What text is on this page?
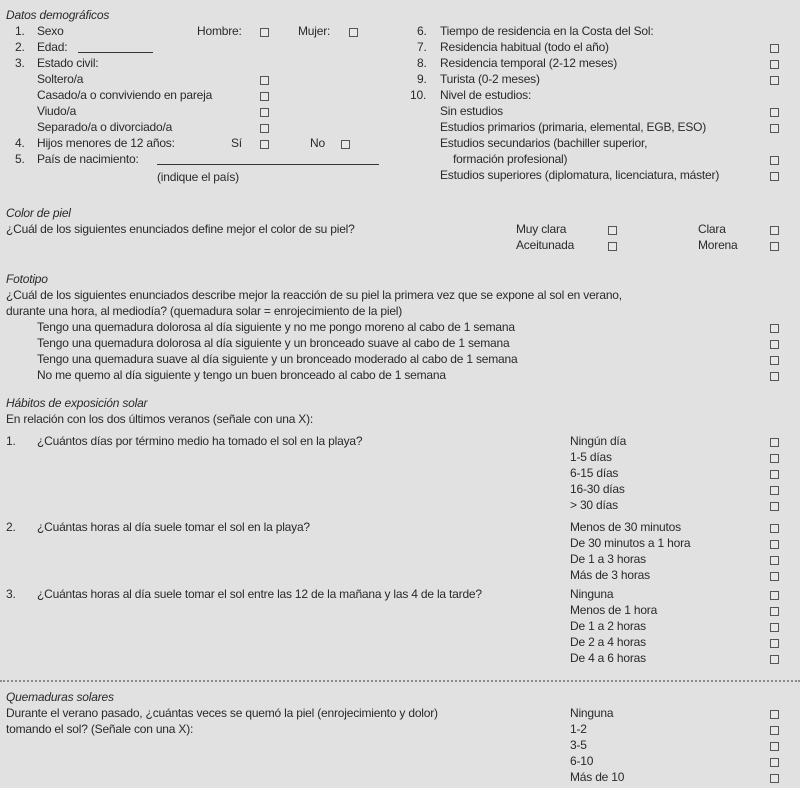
Datos demográficos
1. Sexo	Hombre:	Mujer:
2. Edad:
3. Estado civil:
Soltero/a
Casado/a o conviviendo en pareja
Viudo/a
Separado/a o divorciado/a
4. Hijos menores de 12 años:	Sí	No
5. País de nacimiento:
(indique el país)
6. Tiempo de residencia en la Costa del Sol:
7. Residencia habitual (todo el año)
8. Residencia temporal (2-12 meses)
9. Turista (0-2 meses)
10. Nivel de estudios:
Sin estudios
Estudios primarios (primaria, elemental, EGB, ESO)
Estudios secundarios (bachiller superior,
formación profesional)
Estudios superiores (diplomatura, licenciatura, máster)
Color de piel
¿Cuál de los siguientes enunciados define mejor el color de su piel?	Muy clara	Clara
Aceitunada	Morena
Fototipo
¿Cuál de los siguientes enunciados describe mejor la reacción de su piel la primera vez que se expone al sol en verano,
durante una hora, al mediodía? (quemadura solar = enrojecimiento de la piel)
Tengo una quemadura dolorosa al día siguiente y no me pongo moreno al cabo de 1 semana
Tengo una quemadura dolorosa al día siguiente y un bronceado suave al cabo de 1 semana
Tengo una quemadura suave al día siguiente y un bronceado moderado al cabo de 1 semana
No me quemo al día siguiente y tengo un buen bronceado al cabo de 1 semana
Hábitos de exposición solar
En relación con los dos últimos veranos (señale con una X):
1. ¿Cuántos días por término medio ha tomado el sol en la playa?	Ningún día
1-5 días
6-15 días
16-30 días
> 30 días
2. ¿Cuántas horas al día suele tomar el sol en la playa?	Menos de 30 minutos
De 30 minutos a 1 hora
De 1 a 3 horas
Más de 3 horas
3. ¿Cuántas horas al día suele tomar el sol entre las 12 de la mañana y las 4 de la tarde?	Ninguna
Menos de 1 hora
De 1 a 2 horas
De 2 a 4 horas
De 4 a 6 horas
Quemaduras solares
Durante el verano pasado, ¿cuántas veces se quemó la piel (enrojecimiento y dolor)
tomando el sol? (Señale con una X):
Ninguna
1-2
3-5
6-10
Más de 10
